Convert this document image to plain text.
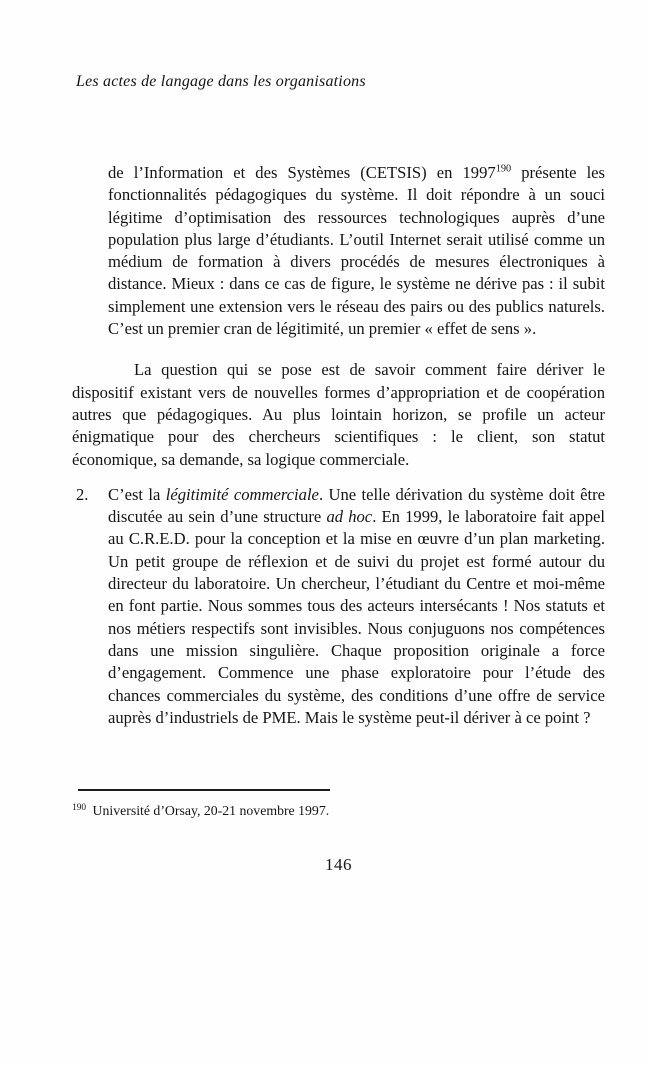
Les actes de langage dans les organisations

de l’Information et des Systèmes (CETSIS) en 1997$^{190}$ présente les fonctionnalités pédagogiques du système. Il doit répondre à un souci légitime d’optimisation des ressources technologiques auprès d’une population plus large d’étudiants. L’outil Internet serait utilisé comme un médium de formation à divers procédés de mesures électroniques à distance. Mieux : dans ce cas de figure, le système ne dérive pas : il subit simplement une extension vers le réseau des pairs ou des publics naturels. C’est un premier cran de légitimité, un premier « effet de sens ».

La question qui se pose est de savoir comment faire dériver le dispositif existant vers de nouvelles formes d’appropriation et de coopération autres que pédagogiques. Au plus lointain horizon, se profile un acteur énigmatique pour des chercheurs scientifiques : le client, son statut économique, sa demande, sa logique commerciale.

2.	C’est la légitimité commerciale. Une telle dérivation du système doit être discutée au sein d’une structure ad hoc. En 1999, le laboratoire fait appel au C.R.E.D. pour la conception et la mise en œuvre d’un plan marketing. Un petit groupe de réflexion et de suivi du projet est formé autour du directeur du laboratoire. Un chercheur, l’étudiant du Centre et moi-même en font partie. Nous sommes tous des acteurs intersécants ! Nos statuts et nos métiers respectifs sont invisibles. Nous conjuguons nos compétences dans une mission singulière. Chaque proposition originale a force d’engagement. Commence une phase exploratoire pour l’étude des chances commerciales du système, des conditions d’une offre de service auprès d’industriels de PME. Mais le système peut-il dériver à ce point ?

$^{190}$ Université d’Orsay, 20-21 novembre 1997.

146
